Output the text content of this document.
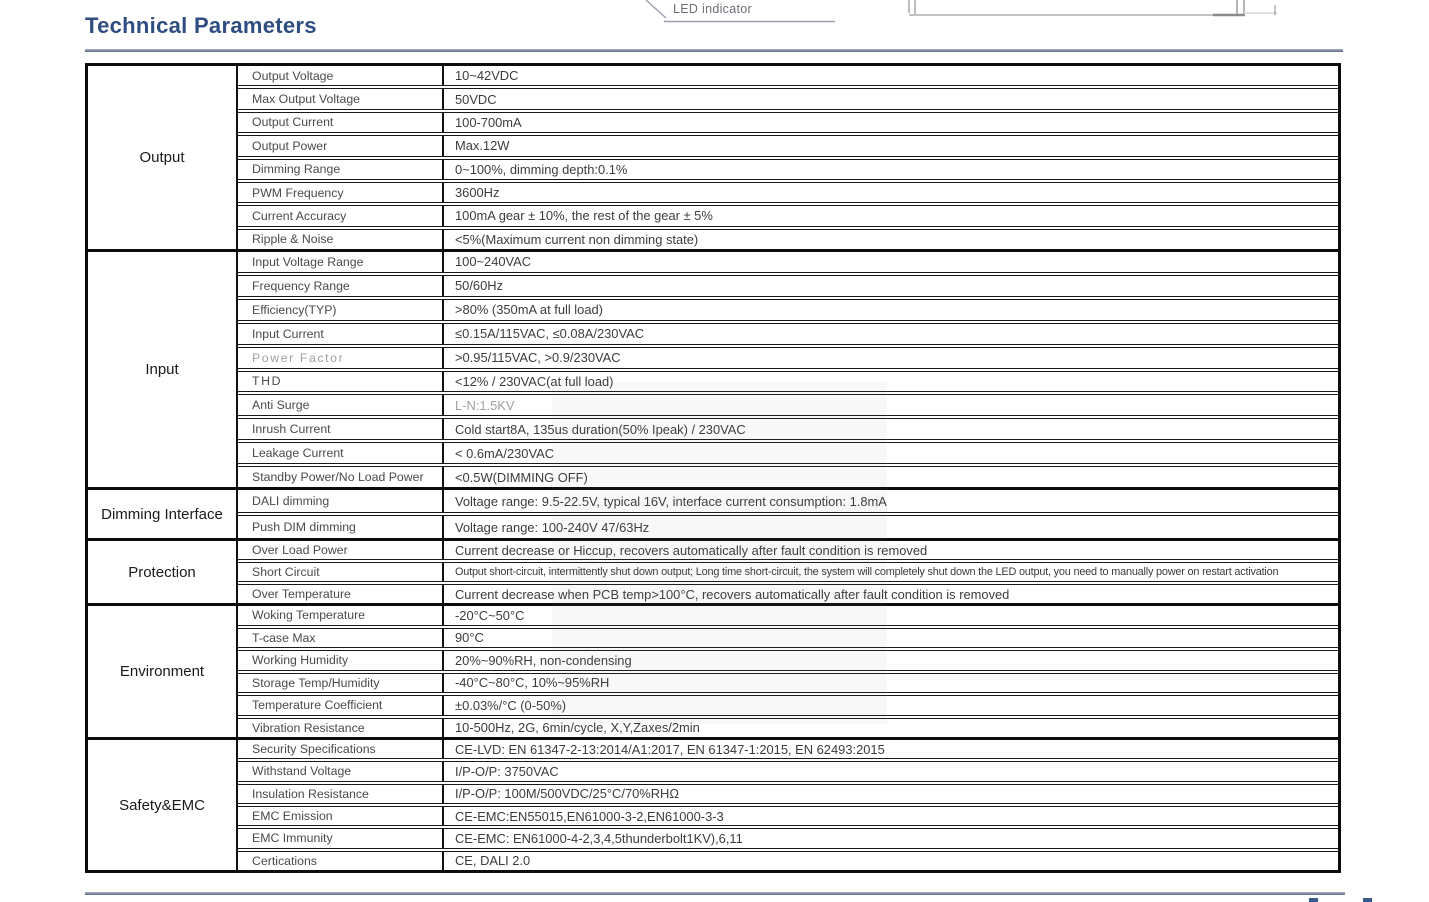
LED indicator
Technical Parameters
Output
Output Voltage	10~42VDC
Max Output Voltage	50VDC
Output Current	100-700mA
Output Power	Max.12W
Dimming Range	0~100%, dimming depth:0.1%
PWM Frequency	3600Hz
Current Accuracy	100mA gear ± 10%, the rest of the gear ± 5%
Ripple & Noise	<5%(Maximum current non dimming state)
Input
Input Voltage Range	100~240VAC
Frequency Range	50/60Hz
Efficiency(TYP)	>80% (350mA at full load)
Input Current	≤0.15A/115VAC, ≤0.08A/230VAC
Power Factor	>0.95/115VAC, >0.9/230VAC
THD	<12% / 230VAC(at full load)
Anti Surge	L-N:1.5KV
Inrush Current	Cold start8A, 135us duration(50% Ipeak) / 230VAC
Leakage Current	< 0.6mA/230VAC
Standby Power/No Load Power	<0.5W(DIMMING OFF)
Dimming Interface
DALI dimming	Voltage range: 9.5-22.5V, typical 16V, interface current consumption: 1.8mA
Push DIM dimming	Voltage range: 100-240V 47/63Hz
Protection
Over Load Power	Current decrease or Hiccup, recovers automatically after fault condition is removed
Short Circuit	Output short-circuit, intermittently shut down output; Long time short-circuit, the system will completely shut down the LED output, you need to manually power on restart activation
Over Temperature	Current decrease when PCB temp>100°C, recovers automatically after fault condition is removed
Environment
Woking Temperature	-20°C~50°C
T-case Max	90°C
Working Humidity	20%~90%RH, non-condensing
Storage Temp/Humidity	-40°C~80°C, 10%~95%RH
Temperature Coefficient	±0.03%/°C (0-50%)
Vibration Resistance	10-500Hz, 2G, 6min/cycle, X,Y,Zaxes/2min
Safety&EMC
Security Specifications	CE-LVD: EN 61347-2-13:2014/A1:2017, EN 61347-1:2015, EN 62493:2015
Withstand Voltage	I/P-O/P: 3750VAC
Insulation Resistance	I/P-O/P: 100M/500VDC/25°C/70%RHΩ
EMC Emission	CE-EMC:EN55015,EN61000-3-2,EN61000-3-3
EMC Immunity	CE-EMC: EN61000-4-2,3,4,5thunderbolt1KV),6,11
Certications	CE, DALI 2.0
